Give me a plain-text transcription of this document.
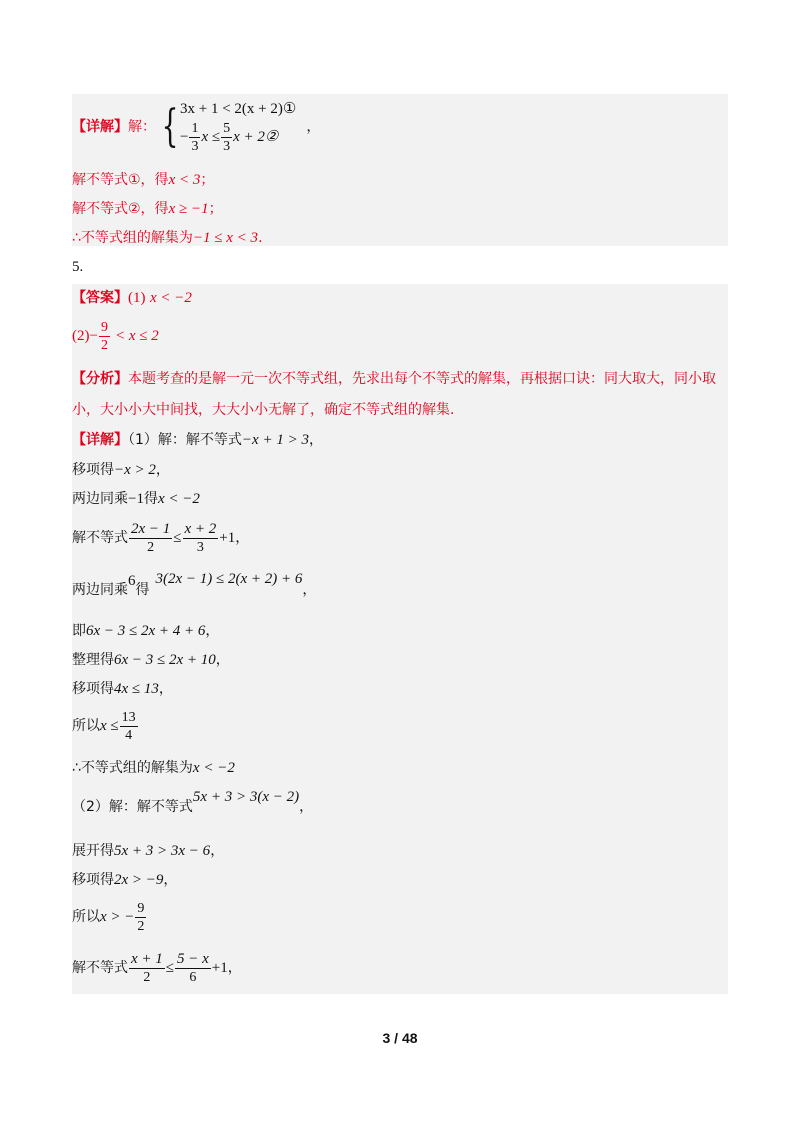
【详解】 解： { 3x + 1 < 2(x + 2)①
− $\frac{1}{3}$ $x \le \frac{5}{3}$ x + 2②
，
解不等式①，得x < 3；
解不等式②，得x ≥ −1；
∴不等式组的解集为−1 ≤ x < 3.
5.
【答案】(1) x < −2
$(2) - \frac{9}{2} < x \le 2$
【分析】本题考查的是解一元一次不等式组，先求出每个不等式的解集，再根据口诀：同大取大，同小取
小，大小小大中间找，大大小小无解了，确定不等式组的解集.
【详解】（1）解：解不等式−x + 1 > 3，
移项得−x > 2，
两边同乘−1得x < −2
解不等式 $\frac{2x - 1}{2} \le \frac{x + 2}{3} +1$ ，
两边同乘
6
得
3(2x − 1) ≤ 2(x + 2) + 6
，
即6x − 3 ≤ 2x + 4 + 6，
整理得6x − 3 ≤ 2x + 10，
移项得4x ≤ 13，
所以 $x \le \frac{13}{4}$
∴不等式组的解集为x < −2
（2）解：解不等式
5x + 3 > 3(x − 2)
，
展开得5x + 3 > 3x − 6，
移项得2x > −9，
所以 x > − $\frac{9}{2}$
解不等式 $\frac{x + 1}{2} \le \frac{5 - x}{6} +1$ ，
3 / 48
